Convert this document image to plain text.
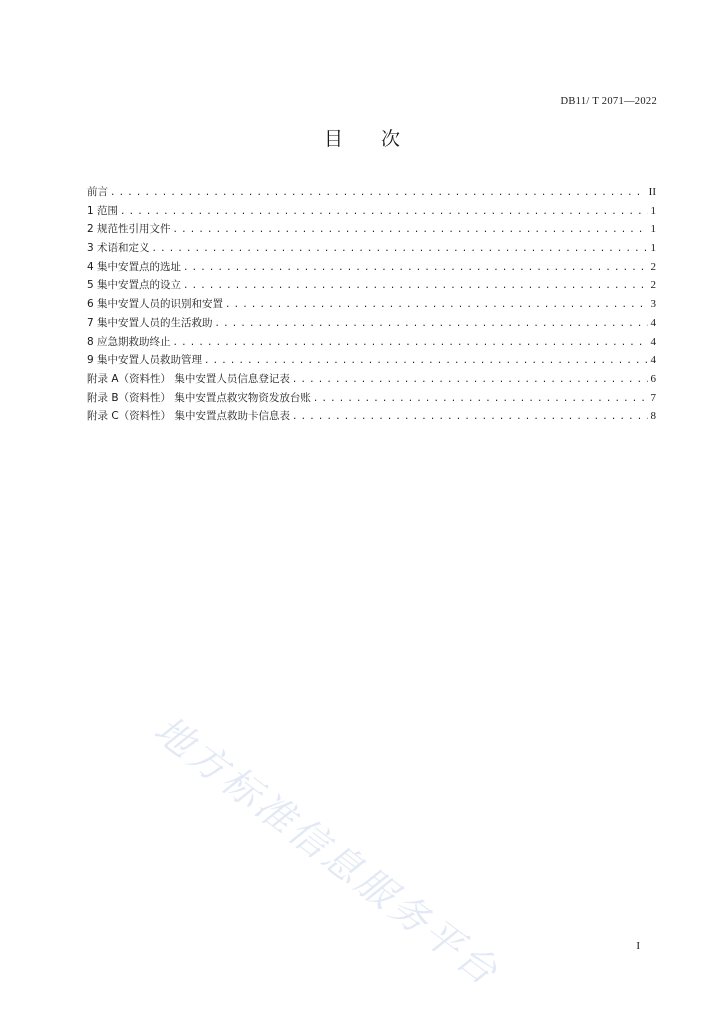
DB11/ T 2071—2022
目 次
前言 .....	II
1 范围 .....	1
2 规范性引用文件 .....	1
3 术语和定义 .....	1
4 集中安置点的选址 .....	2
5 集中安置点的设立 .....	2
6 集中安置人员的识别和安置 .....	3
7 集中安置人员的生活救助 .....	4
8 应急期救助终止 .....	4
9 集中安置人员救助管理 .....	4
附录 A（资料性） 集中安置人员信息登记表 .....	6
附录 B（资料性） 集中安置点救灾物资发放台账 .....	7
附录 C（资料性） 集中安置点救助卡信息表 .....	8
地方标准信息服务平台	I
